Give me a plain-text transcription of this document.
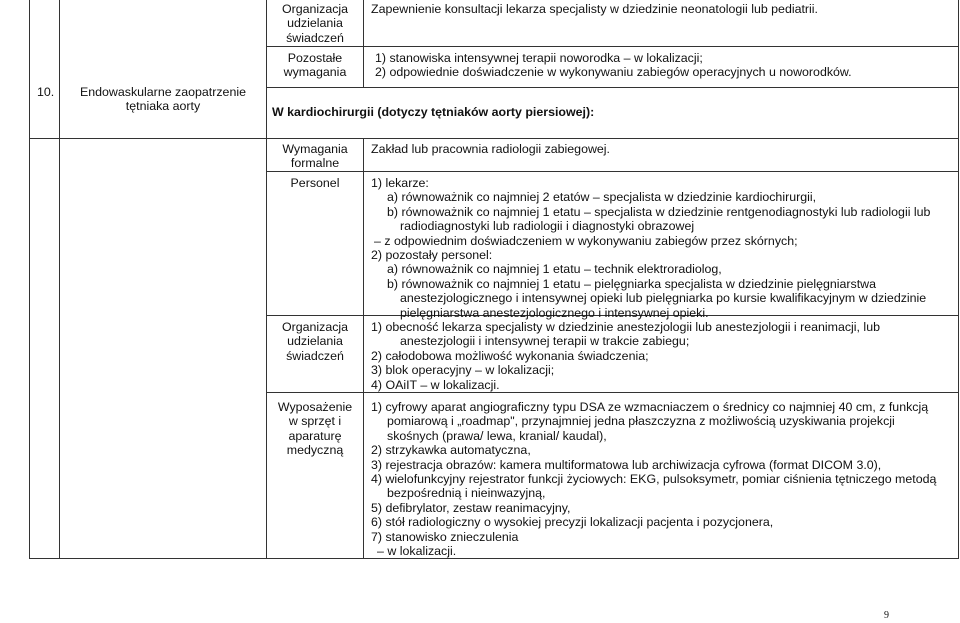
10.	Endowaskularne zaopatrzenie
tętniaka aorty
Organizacja
udzielania
świadczeń
Zapewnienie konsultacji lekarza specjalisty w dziedzinie neonatologii lub pediatrii.
Pozostałe
wymagania
1) stanowiska intensywnej terapii noworodka – w lokalizacji;
2) odpowiednie doświadczenie w wykonywaniu zabiegów operacyjnych u noworodków.
W kardiochirurgii (dotyczy tętniaków aorty piersiowej):
Wymagania
formalne
Zakład lub pracownia radiologii zabiegowej.
Personel	1) lekarze:
a) równoważnik co najmniej 2 etatów – specjalista w dziedzinie kardiochirurgii,
b) równoważnik co najmniej 1 etatu – specjalista w dziedzinie rentgenodiagnostyki lub radiologii lub
radiodiagnostyki lub radiologii i diagnostyki obrazowej
– z odpowiednim doświadczeniem w wykonywaniu zabiegów przez skórnych;
2) pozostały personel:
a) równoważnik co najmniej 1 etatu – technik elektroradiolog,
b) równoważnik co najmniej 1 etatu – pielęgniarka specjalista w dziedzinie pielęgniarstwa
anestezjologicznego i intensywnej opieki lub pielęgniarka po kursie kwalifikacyjnym w dziedzinie
pielęgniarstwa anestezjologicznego i intensywnej opieki.
Organizacja
udzielania
świadczeń
1) obecność lekarza specjalisty w dziedzinie anestezjologii lub anestezjologii i reanimacji, lub
anestezjologii i intensywnej terapii w trakcie zabiegu;
2) całodobowa możliwość wykonania świadczenia;
3) blok operacyjny – w lokalizacji;
4) OAiIT – w lokalizacji.
Wyposażenie
w sprzęt i
aparaturę
medyczną
1) cyfrowy aparat angiograficzny typu DSA ze wzmacniaczem o średnicy co najmniej 40 cm, z funkcją
pomiarową i „roadmap", przynajmniej jedna płaszczyzna z możliwością uzyskiwania projekcji
skośnych (prawa/ lewa, kranial/ kaudal),
2) strzykawka automatyczna,
3) rejestracja obrazów: kamera multiformatowa lub archiwizacja cyfrowa (format DICOM 3.0),
4) wielofunkcyjny rejestrator funkcji życiowych: EKG, pulsoksymetr, pomiar ciśnienia tętniczego metodą
bezpośrednią i nieinwazyjną,
5) defibrylator, zestaw reanimacyjny,
6) stół radiologiczny o wysokiej precyzji lokalizacji pacjenta i pozycjonera,
7) stanowisko znieczulenia
– w lokalizacji.
9
